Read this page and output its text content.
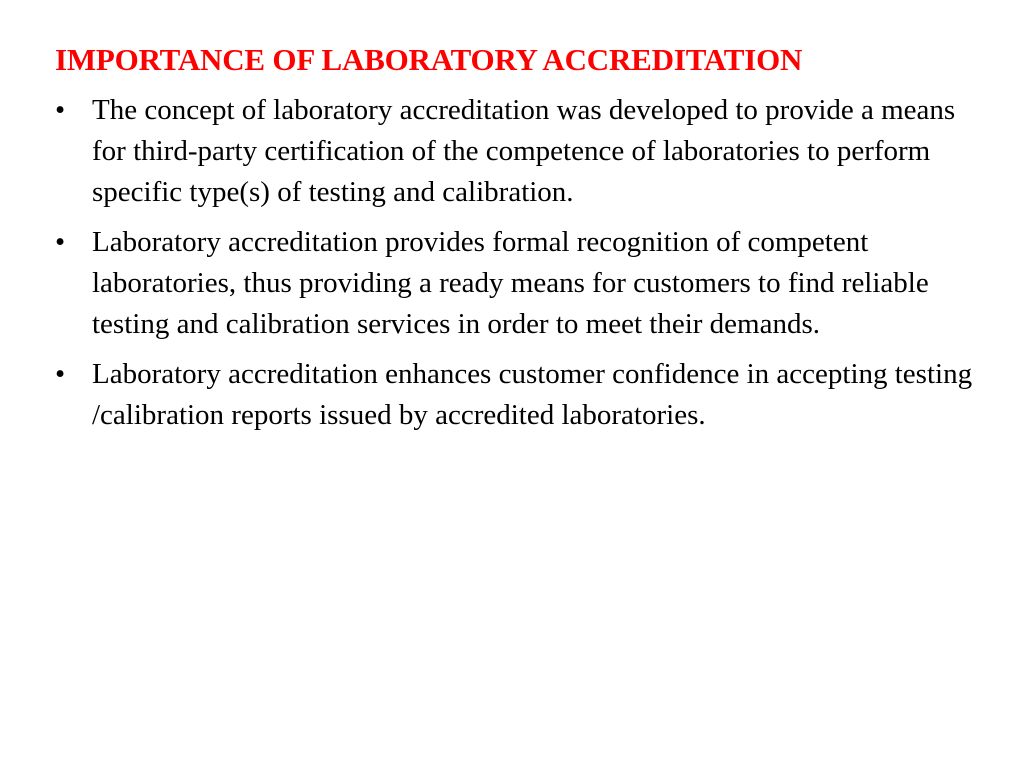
IMPORTANCE OF LABORATORY ACCREDITATION
• The concept of laboratory accreditation was developed to provide a means for third-party certification of the competence of laboratories to perform specific type(s) of testing and calibration.
• Laboratory accreditation provides formal recognition of competent laboratories, thus providing a ready means for customers to find reliable testing and calibration services in order to meet their demands.
• Laboratory accreditation enhances customer confidence in accepting testing /calibration reports issued by accredited laboratories.
